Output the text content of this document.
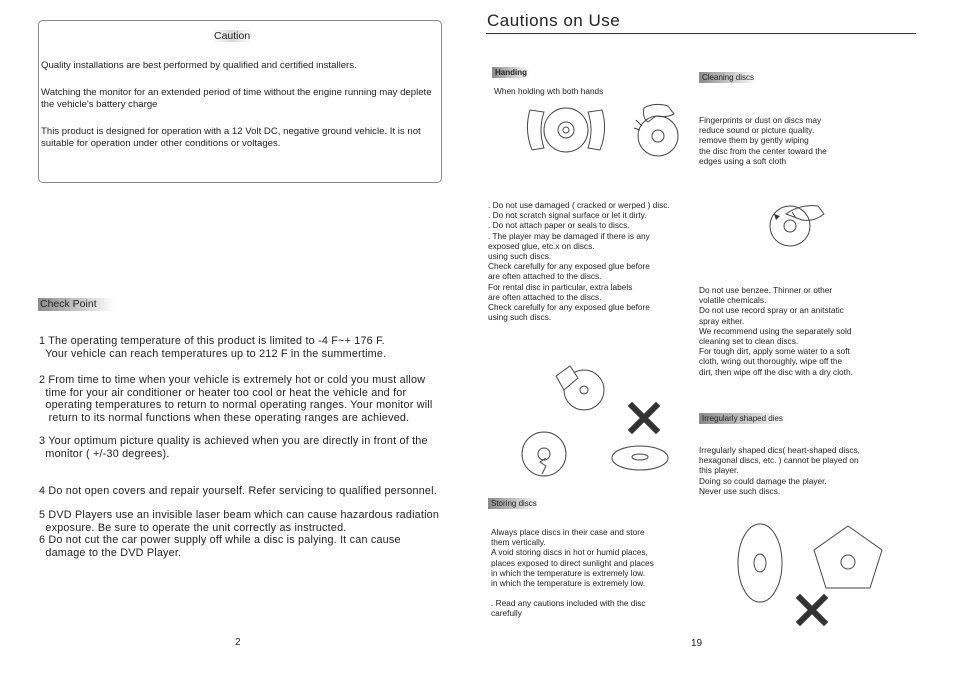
Caution
Quality installations are best performed by qualified and certified installers.
Watching the monitor for an extended period of time without the engine running may deplete the vehicle's battery charge
This product is designed for operation with a 12 Volt DC, negative ground vehicle. It is not suitable for operation under other conditions or voltages.
Check Point
1 The operating temperature of this product is limited to -4 F~+ 176 F.
Your vehicle can reach temperatures up to 212 F in the summertime.
2 From time to time when your vehicle is extremely hot or cold you must allow
time for your air conditioner or heater too cool or heat the vehicle and for
operating temperatures to return to normal operating ranges. Your monitor will
return to its normal functions when these operating ranges are achieved.
3 Your optimum picture quality is achieved when you are directly in front of the
monitor ( +/-30 degrees).
4 Do not open covers and repair yourself. Refer servicing to qualified personnel.
5 DVD Players use an invisible laser beam which can cause hazardous radiation
exposure. Be sure to operate the unit correctly as instructed.
6 Do not cut the car power supply off while a disc is palying. It can cause
damage to the DVD Player.
2
Cautions on Use
Handing
When holding wth both hands
. Do not use damaged ( cracked or werped ) disc.
. Do not scratch signal surface or let it dirty.
. Do not attach paper or seals to discs.
. The player may be damaged if there is any
exposed glue, etc.x on discs.
using such discs.
Check carefully for any exposed glue before
are often attached to the discs.
For rental disc in particular, extra labels
are often attached to the discs.
Check carefully for any exposed glue before
using such discs.
Storing discs
Always place discs in their case and store
them vertically.
A void storing discs in hot or humid places,
places exposed to direct sunlight and places
in which the temperature is extremely low.
in which the temperature is extremely low.
. Read any cautions included with the disc
carefully
19
Cleaning discs
Fingerprints or dust on discs may
reduce sound or picture quality.
remove them by gently wiping
the disc from the center toward the
edges using a soft cloth
Do not use benzee. Thinner or other
volatile chemicals.
Do not use record spray or an anitstatic
spray either.
We recommend using the separately sold
cleaning set to clean discs.
For tough dirt, apply some water to a soft
cloth, wring out thoroughly, wipe off the
dirt, then wipe off the disc with a dry cloth.
Irregularly shaped dies
Irregularly shaped dics( heart-shaped discs,
hexagonal discs, etc. ) cannot be played on
this player.
Doing so could damage the player.
Never use such discs.
